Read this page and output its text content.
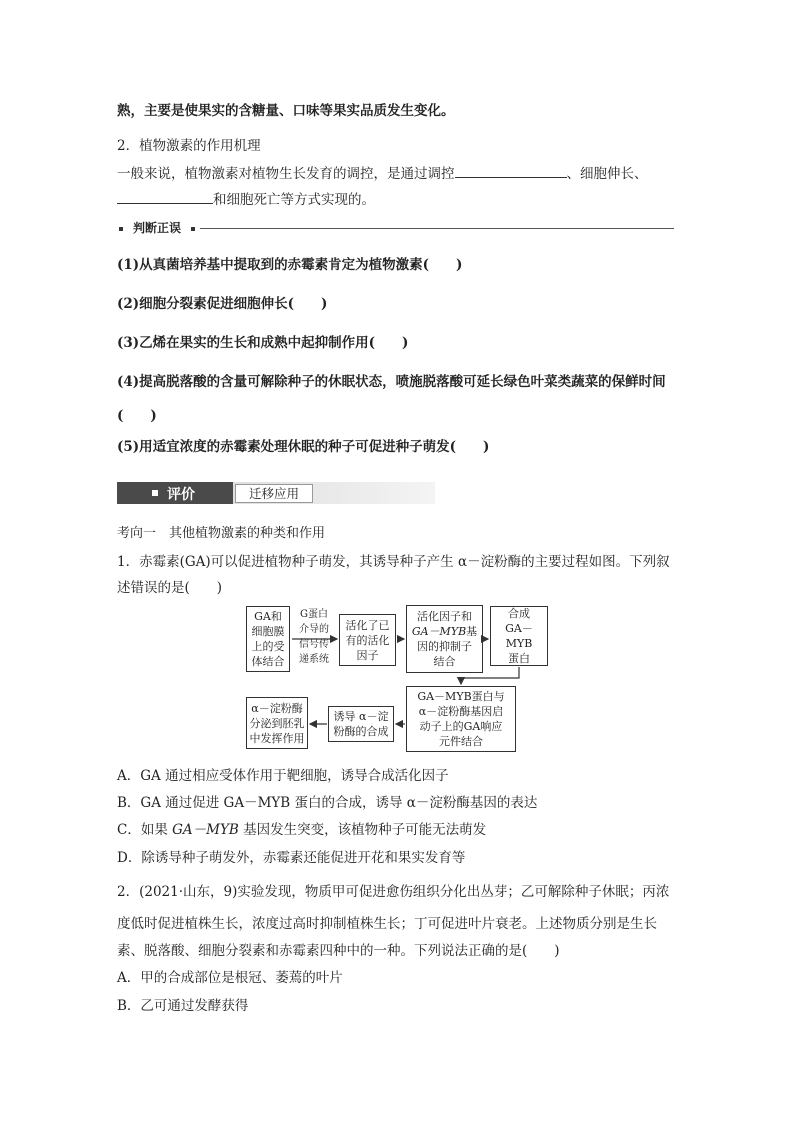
熟，主要是使果实的含糖量、口味等果实品质发生变化。
2．植物激素的作用机理
一般来说，植物激素对植物生长发育的调控，是通过调控	、细胞伸长、
和细胞死亡等方式实现的。
判断正误
(1)从真菌培养基中提取到的赤霉素肯定为植物激素(　　)
(2)细胞分裂素促进细胞伸长(　　)
(3)乙烯在果实的生长和成熟中起抑制作用(　　)
(4)提高脱落酸的含量可解除种子的休眠状态，喷施脱落酸可延长绿色叶菜类蔬菜的保鲜时间
(　　)
(5)用适宜浓度的赤霉素处理休眠的种子可促进种子萌发(　　)
评价	迁移应用
考向一　其他植物激素的种类和作用
1．赤霉素(GA)可以促进植物种子萌发，其诱导种子产生 α－淀粉酶的主要过程如图。下列叙
述错误的是(　　)
GA和
细胞膜
上的受
体结合
G蛋白
介导的
信号传
递系统
活化了已
有的活化
因子
活化因子和
GA－MYB基
因的抑制子
结合
合成
GA－MYB
蛋白
GA－MYB蛋白与
α－淀粉酶基因启
动子上的GA响应
元件结合
诱导 α－淀
粉酶的合成
α－淀粉酶
分泌到胚乳
中发挥作用
A．GA 通过相应受体作用于靶细胞，诱导合成活化因子
B．GA 通过促进 GA－MYB 蛋白的合成，诱导 α－淀粉酶基因的表达
C．如果 GA－MYB 基因发生突变，该植物种子可能无法萌发
D．除诱导种子萌发外，赤霉素还能促进开花和果实发育等
2．(2021·山东，9)实验发现，物质甲可促进愈伤组织分化出丛芽；乙可解除种子休眠；丙浓
度低时促进植株生长，浓度过高时抑制植株生长；丁可促进叶片衰老。上述物质分别是生长
素、脱落酸、细胞分裂素和赤霉素四种中的一种。下列说法正确的是(　　)
A．甲的合成部位是根冠、萎蔫的叶片
B．乙可通过发酵获得
